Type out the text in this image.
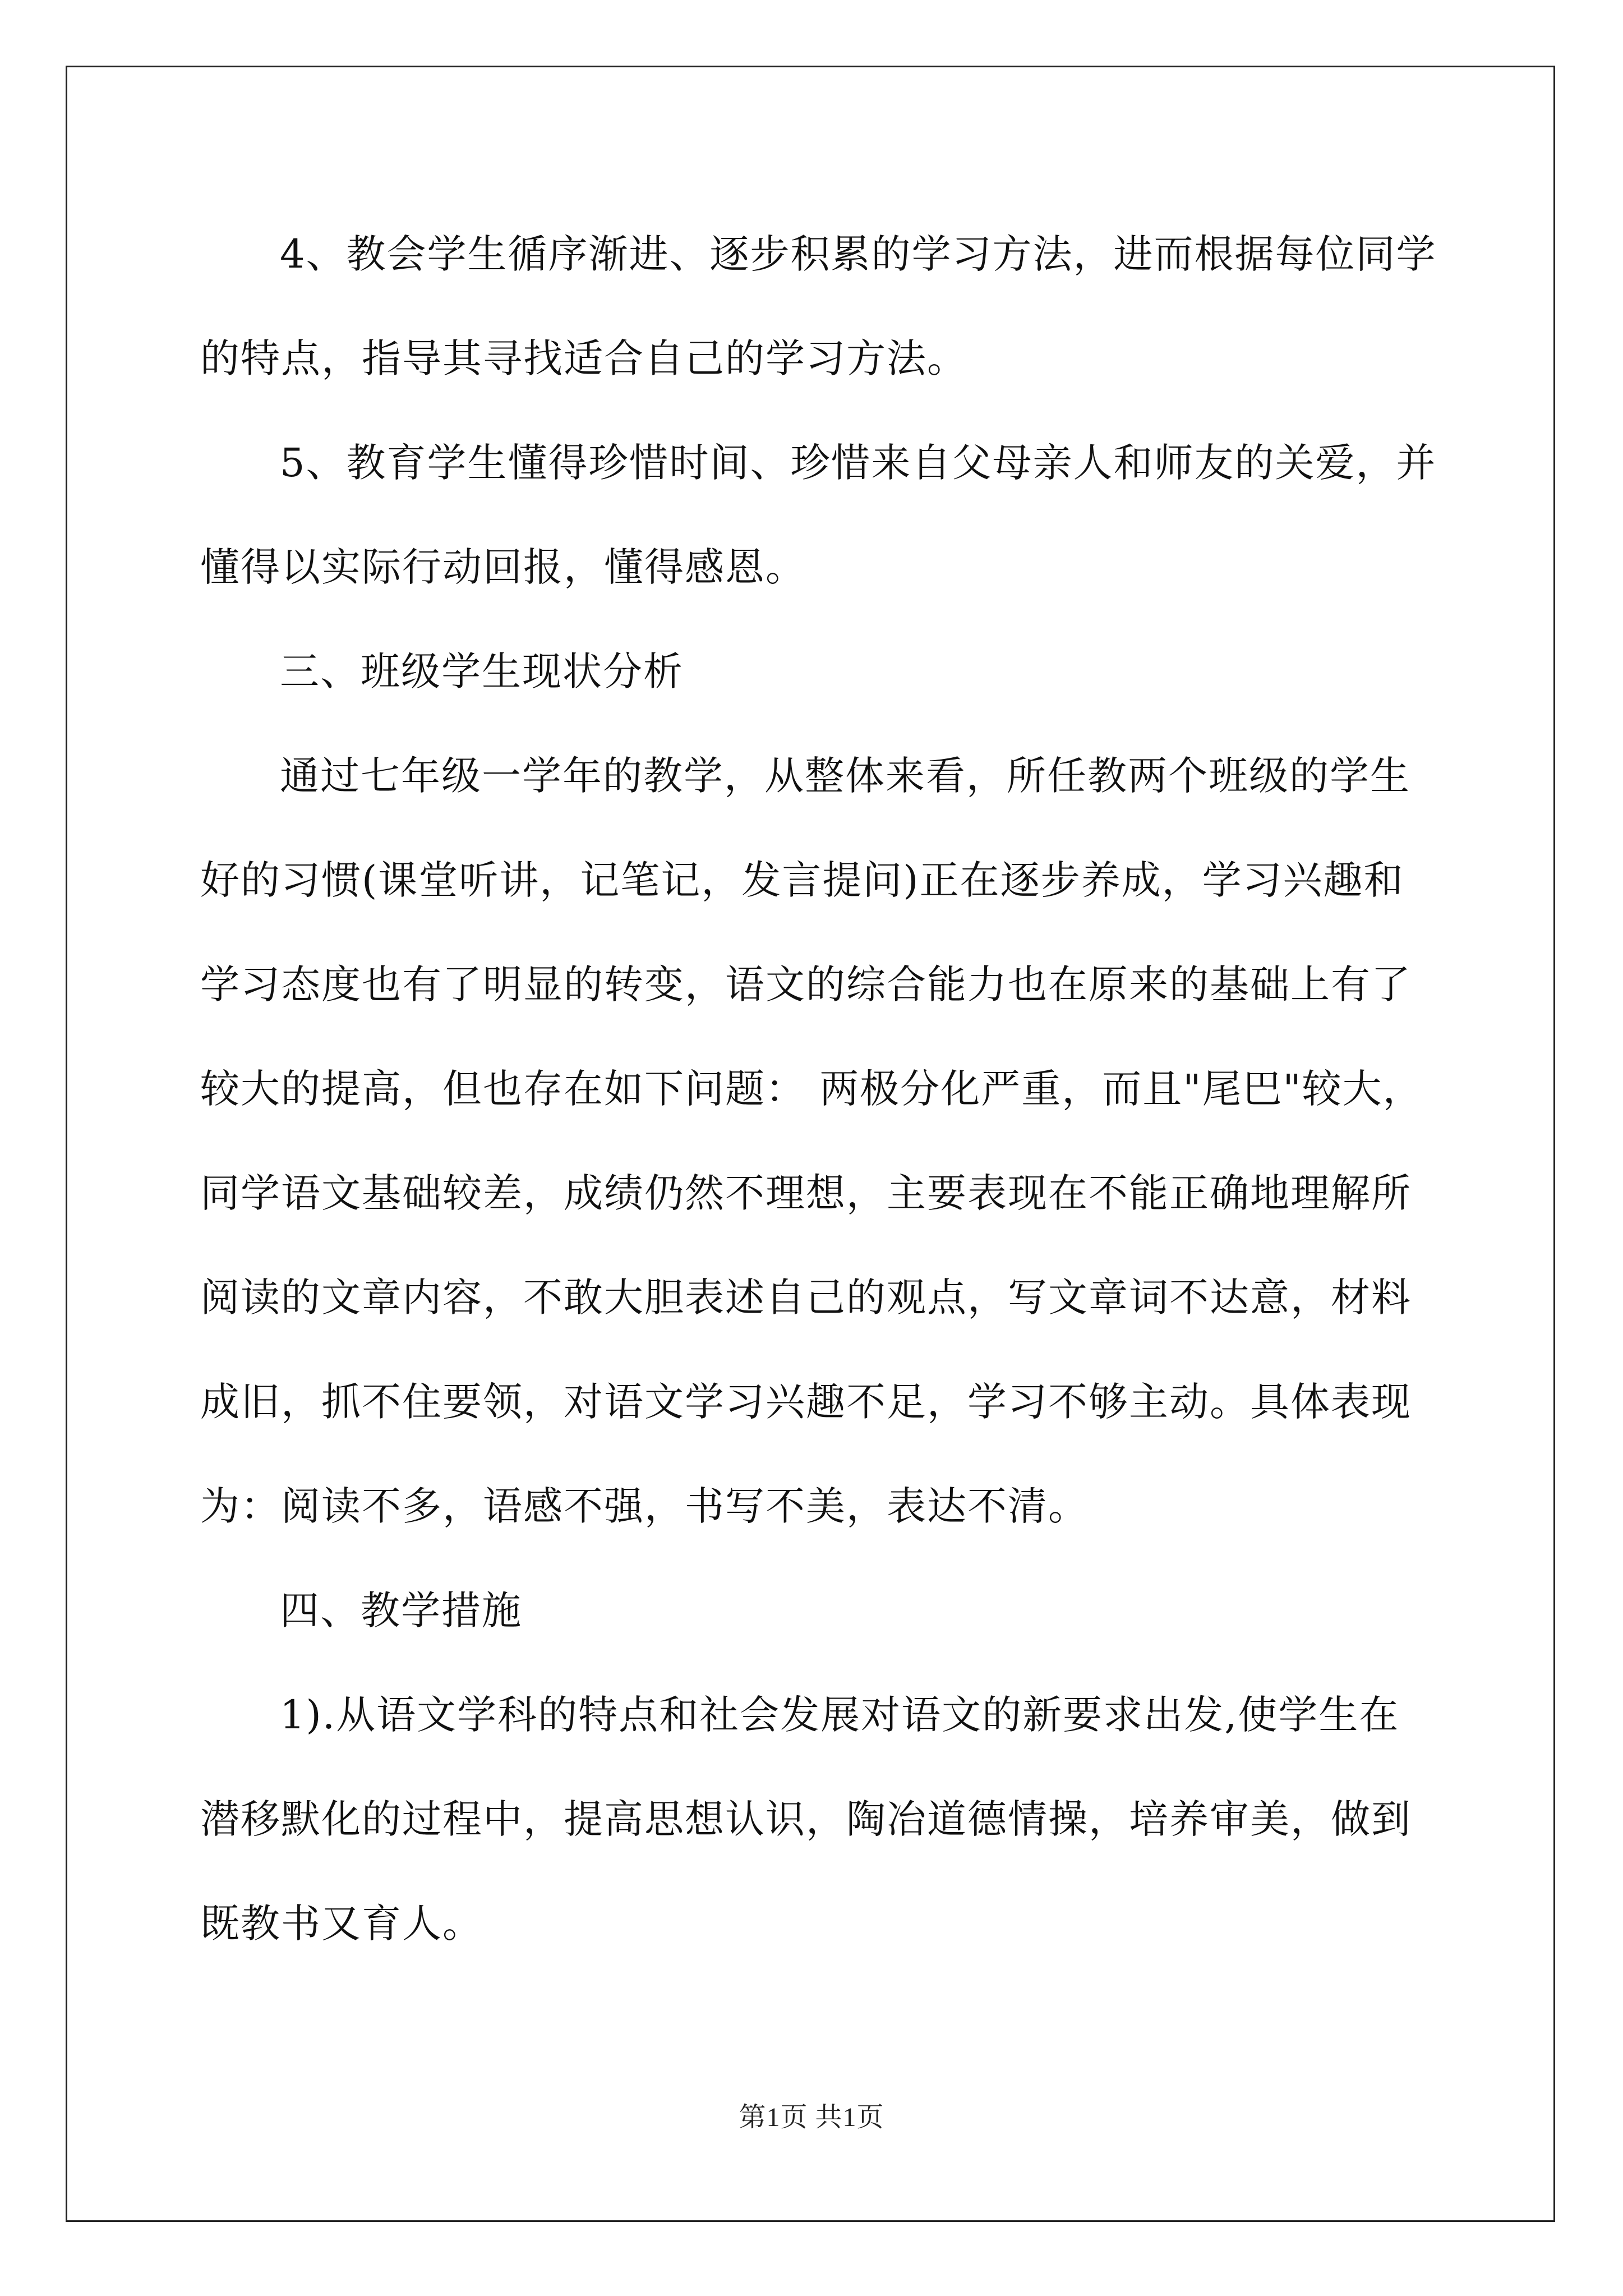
4、教会学生循序渐进、逐步积累的学习方法，进而根据每位同学
的特点，指导其寻找适合自己的学习方法。
5、教育学生懂得珍惜时间、珍惜来自父母亲人和师友的关爱，并
懂得以实际行动回报，懂得感恩。
三、班级学生现状分析
通过七年级一学年的教学，从整体来看，所任教两个班级的学生
好的习惯(课堂听讲，记笔记，发言提问)正在逐步养成，学习兴趣和
学习态度也有了明显的转变，语文的综合能力也在原来的基础上有了
较大的提高，但也存在如下问题： 两极分化严重，而且"尾巴"较大，
同学语文基础较差，成绩仍然不理想，主要表现在不能正确地理解所
阅读的文章内容，不敢大胆表述自己的观点，写文章词不达意，材料
成旧，抓不住要领，对语文学习兴趣不足，学习不够主动。具体表现
为：阅读不多，语感不强，书写不美，表达不清。
四、教学措施
1).从语文学科的特点和社会发展对语文的新要求出发,使学生在
潜移默化的过程中，提高思想认识，陶冶道德情操，培养审美，做到
既教书又育人。
第1页 共1页
